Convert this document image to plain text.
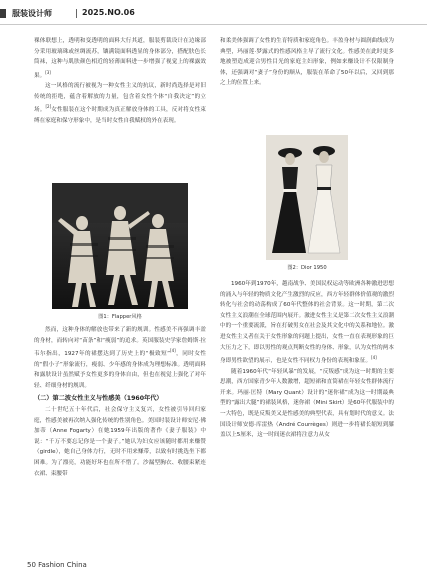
服装设计师	2025.NO.06

裸体联想上，透明和变透明的面料大行其道，服装剪裁设计在边缘部分采用玻璃珠或丝绸流苏，镶满镜面料透显的身体部分，搭配肤色长筒袜，这种与肌肤颜色相近的轻薄面料进一步增强了视觉上的裸露效果。[3]

这一风格的流行被视为一种女性主义的抗议，新时尚选择是对旧传统的拒绝，蕴含着解放的力量，包含着女性个体“自我决定”的立场。[2]女性服装在这个时期成为真正解放身体的工具，反对将女性束缚在家庭和保守形象中，是当时女性自我赋权的外在表现。

图1：Flapper风格

然而，这种身体的解放也带来了新的规训。性感美不再强调丰盈的身材，而转向对“苗条”和“瘦弱”的追求。英国服装史学家詹姆斯·拉韦尔指出，1927年的裙摆达到了历史上的“极致短”[4]，同时女性的“假小子”形象流行，瘦弱、少年感的身体成为理想标准。透明面料和露肤设计虽然赋予女性更多的身体自由，但也在视觉上强化了对年轻、纤细身材的规训。

（二）第二波女性主义与性感美（1960年代）

二十世纪五十年代后，社会保守主义复兴，女性被引导回归家庭，性感美被再次纳入强化传统的性别角色。美国时装设计师安尼·佛加蒂（Anne Fogarty）在她1959年出版的著作《妻子服装》中说：“千万不要忘记你是一个妻子。”她认为妇女应该随时都用来赚赞（girdle），她自己身体力行，无时不用来赚带，以致有时挑选坐下都困难。为了漂亮，功能好坏也在所不惜了。沙漏型胸衣、收腰束紧连衣裙、束腰带

和柔美体强调了女性的生育特质和家庭角色。丰盈身材与圆润曲线成为典型，玛丽莲·梦露式的性感风格主导了流行文化。性感美在此时更多地被塑造成迎合男性目光的家庭主妇形象，例如来赚设计不仅限制身体，还强调对“妻子”身份的顺从，服装在革命了50年以后，又回到那之上的位置上来。

图2：Dior 1950

1960年到1970年，越南战争、美国民权运动等欧洲各种激进思想的涌入与年轻的物质文化产生激烈的反应，西方年轻群体价值观的激烈转化与社会的动荡构成了60年代整体的社会背景。这一时期，第二次女性主义浪潮在全球范围内展开。激进女性主义是第二次女性主义浪潮中的一个重要流派，旨在打破男女在社会及其文化中的关系和地位。激进女性主义者在关于女性形象的问题上提出，女性一直在表现形象的巨大压力之下，即以男性的观点判断女性的身体、形象，认为女性的两本身即男性欲望的展示，也是女性不同权力身份的表现和象征。[4]

随着1960年代“年轻风暴”的发展，“反叛感”成为这一时期的主要思潮，西方国家青少年人数激增，超短裙和直筒裙在年轻女性群体流行开来。玛丽·匡特（Mary Quant）设计的“迷你裙”成为这一时期最典型的“露出大腿”的裙装风格，迷你裙（Mini Skirt）是60年代服装中的一大特色，既是反叛美又是性感美的典型代表，具有划时代的意义。法国设计师安德·库雷热（André Courrèges）则进一步将裙长缩短到膝盖以上5厘米，这一时间迷衣裙将注意力从女

50 Fashion China
